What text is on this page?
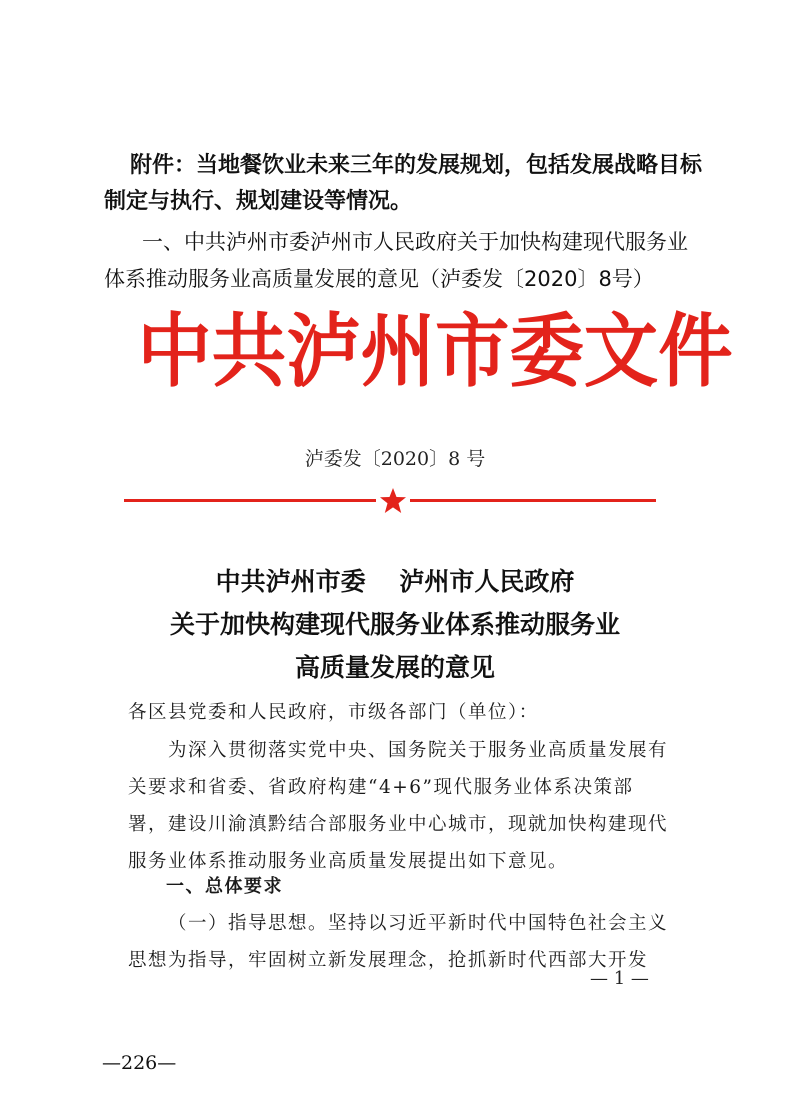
附件：当地餐饮业未来三年的发展规划，包括发展战略目标制定与执行、规划建设等情况。
一、中共泸州市委泸州市人民政府关于加快构建现代服务业体系推动服务业高质量发展的意见（泸委发〔2020〕8号）
中共泸州市委文件
泸委发〔2020〕8 号
中共泸州市委　 泸州市人民政府
关于加快构建现代服务业体系推动服务业
高质量发展的意见
各区县党委和人民政府，市级各部门（单位）：
为深入贯彻落实党中央、国务院关于服务业高质量发展有关要求和省委、省政府构建“4+6”现代服务业体系决策部署，建设川渝滇黔结合部服务业中心城市，现就加快构建现代服务业体系推动服务业高质量发展提出如下意见。
一、总体要求
（一）指导思想。坚持以习近平新时代中国特色社会主义思想为指导，牢固树立新发展理念，抢抓新时代西部大开发
— 1 —
—226—
